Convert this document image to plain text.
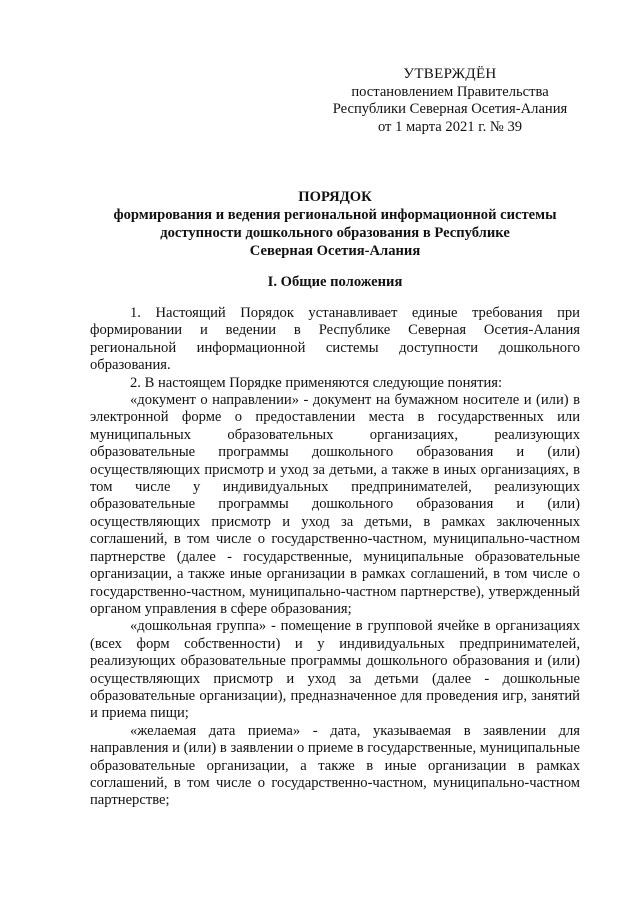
УТВЕРЖДЁН
постановлением Правительства
Республики Северная Осетия-Алания
от 1 марта 2021 г. № 39
ПОРЯДОК
формирования и ведения региональной информационной системы
доступности дошкольного образования в Республике
Северная Осетия-Алания
I. Общие положения

1. Настоящий Порядок устанавливает единые требования при формировании и ведении в Республике Северная Осетия-Алания региональной информационной системы доступности дошкольного образования.

2. В настоящем Порядке применяются следующие понятия:

«документ о направлении» - документ на бумажном носителе и (или) в электронной форме о предоставлении места в государственных или муниципальных образовательных организациях, реализующих образовательные программы дошкольного образования и (или) осуществляющих присмотр и уход за детьми, а также в иных организациях, в том числе у индивидуальных предпринимателей, реализующих образовательные программы дошкольного образования и (или) осуществляющих присмотр и уход за детьми, в рамках заключенных соглашений, в том числе о государственно-частном, муниципально-частном партнерстве (далее - государственные, муниципальные образовательные организации, а также иные организации в рамках соглашений, в том числе о государственно-частном, муниципально-частном партнерстве), утвержденный органом управления в сфере образования;

«дошкольная группа» - помещение в групповой ячейке в организациях (всех форм собственности) и у индивидуальных предпринимателей, реализующих образовательные программы дошкольного образования и (или) осуществляющих присмотр и уход за детьми (далее - дошкольные образовательные организации), предназначенное для проведения игр, занятий и приема пищи;

«желаемая дата приема» - дата, указываемая в заявлении для направления и (или) в заявлении о приеме в государственные, муниципальные образовательные организации, а также в иные организации в рамках соглашений, в том числе о государственно-частном, муниципально-частном партнерстве;
